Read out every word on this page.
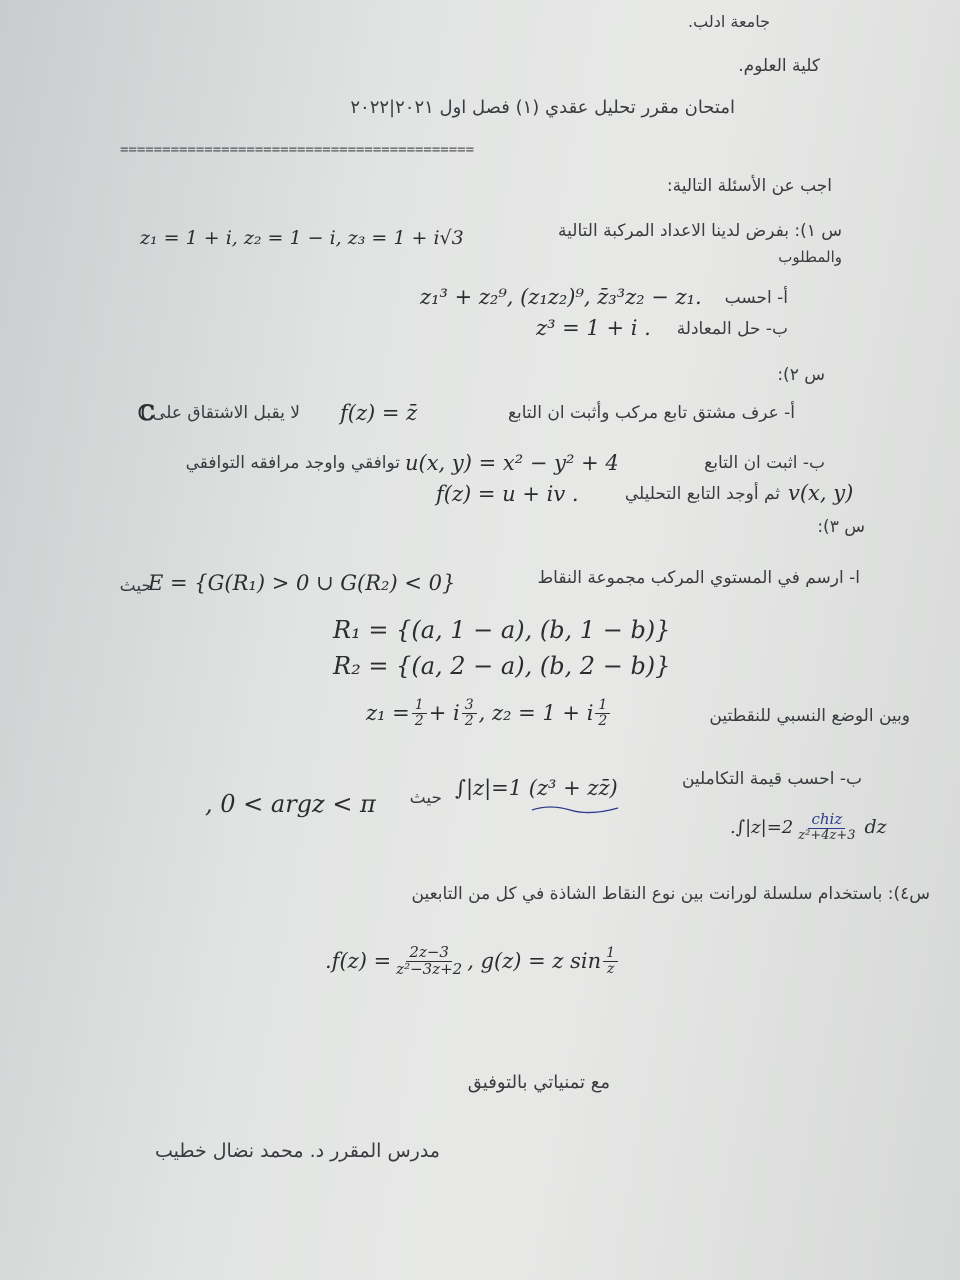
جامعة ادلب.
كلية العلوم.
امتحان مقرر تحليل عقدي (١) فصل اول ٢٠٢١|٢٠٢٢
==========================================
اجب عن الأسئلة التالية:
س ١): بفرض لدينا الاعداد المركبة التالية
z₁ = 1 + i, z₂ = 1 − i, z₃ = 1 + i√3
والمطلوب
أ- احسب
z₁³ + z₂⁹, (z₁z₂)⁹, z̄₃³z₂ − z₁.
ب- حل المعادلة
z³ = 1 + i .
س ٢):
أ- عرف مشتق تابع مركب وأثبت ان التابع
f(z) = z̄
لا يقبل الاشتقاق على
ℂ
ب- اثبت ان التابع
u(x, y) = x² − y² + 4
توافقي واوجد مرافقه التوافقي
v(x, y)
ثم أوجد التابع التحليلي
f(z) = u + iv .
س ٣):
ا- ارسم في المستوي المركب مجموعة النقاط
E = {G(R₁) > 0 ∪ G(R₂) < 0}
حيث
R₁ = {(a, 1 − a), (b, 1 − b)}
R₂ = {(a, 2 − a), (b, 2 − b)}
وبين الوضع النسبي للنقطتين
$z_1 = \frac{1}{2} + i \frac{3}{2}$ , z₂ = 1 + i $\frac{1}{2}$
ب- احسب قيمة التكاملين
∫|z|=1 (z³ + zz̄)
حيث
, 0 < argz < π
$.\int|z|=2 \frac{\text{chiz}}{\text{z²+4z+3}}$ dz
س٤): باستخدام سلسلة لورانت بين نوع النقاط الشاذة في كل من التابعين
$.f(z) = \frac{2z-3}{\text{z²−3z+2}}$ , g(z) = z $\sin \frac{1}{z}$
مع تمنياتي بالتوفيق
مدرس المقرر د. محمد نضال خطيب
